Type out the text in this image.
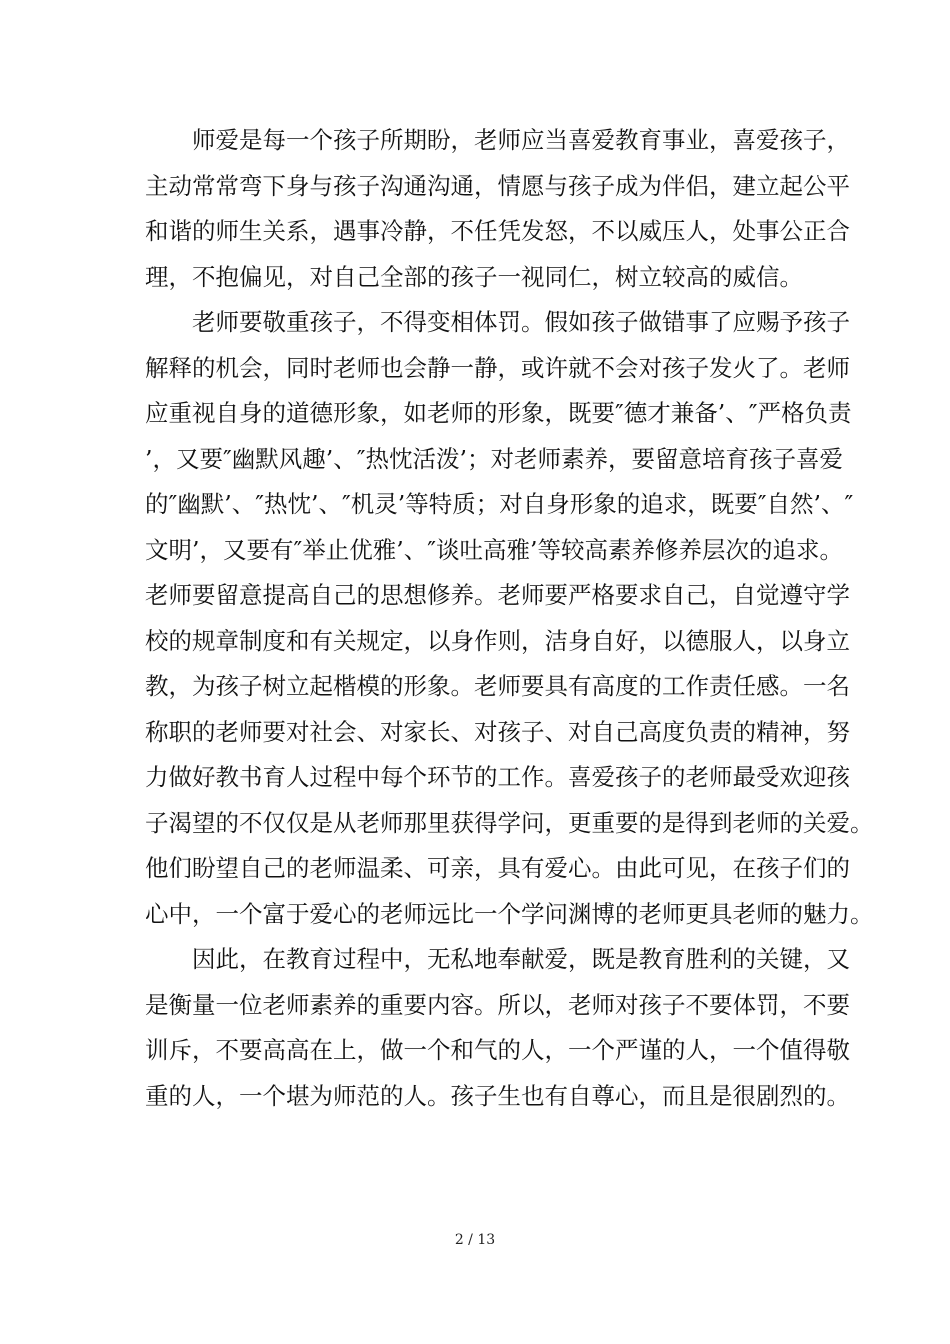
师爱是每一个孩子所期盼，老师应当喜爱教育事业，喜爱孩子，
主动常常弯下身与孩子沟通沟通，情愿与孩子成为伴侣，建立起公平
和谐的师生关系，遇事冷静，不任凭发怒，不以威压人，处事公正合
理，不抱偏见，对自己全部的孩子一视同仁，树立较高的威信。
老师要敬重孩子，不得变相体罚。假如孩子做错事了应赐予孩子
解释的机会，同时老师也会静一静，或许就不会对孩子发火了。老师
应重视自身的道德形象，如老师的形象，既要″德才兼备’、″严格负责
’，又要″幽默风趣’、″热忱活泼’；对老师素养，要留意培育孩子喜爱
的″幽默’、″热忱’、″机灵’等特质；对自身形象的追求，既要″自然’、″
文明’，又要有″举止优雅’、″谈吐高雅’等较高素养修养层次的追求。
老师要留意提高自己的思想修养。老师要严格要求自己，自觉遵守学
校的规章制度和有关规定，以身作则，洁身自好，以德服人，以身立
教，为孩子树立起楷模的形象。老师要具有高度的工作责任感。一名
称职的老师要对社会、对家长、对孩子、对自己高度负责的精神，努
力做好教书育人过程中每个环节的工作。喜爱孩子的老师最受欢迎孩
子渴望的不仅仅是从老师那里获得学问，更重要的是得到老师的关爱。
他们盼望自己的老师温柔、可亲，具有爱心。由此可见，在孩子们的
心中，一个富于爱心的老师远比一个学问渊博的老师更具老师的魅力。
因此，在教育过程中，无私地奉献爱，既是教育胜利的关键，又
是衡量一位老师素养的重要内容。所以，老师对孩子不要体罚，不要
训斥，不要高高在上，做一个和气的人，一个严谨的人，一个值得敬
重的人，一个堪为师范的人。孩子生也有自尊心，而且是很剧烈的。
2 / 13
